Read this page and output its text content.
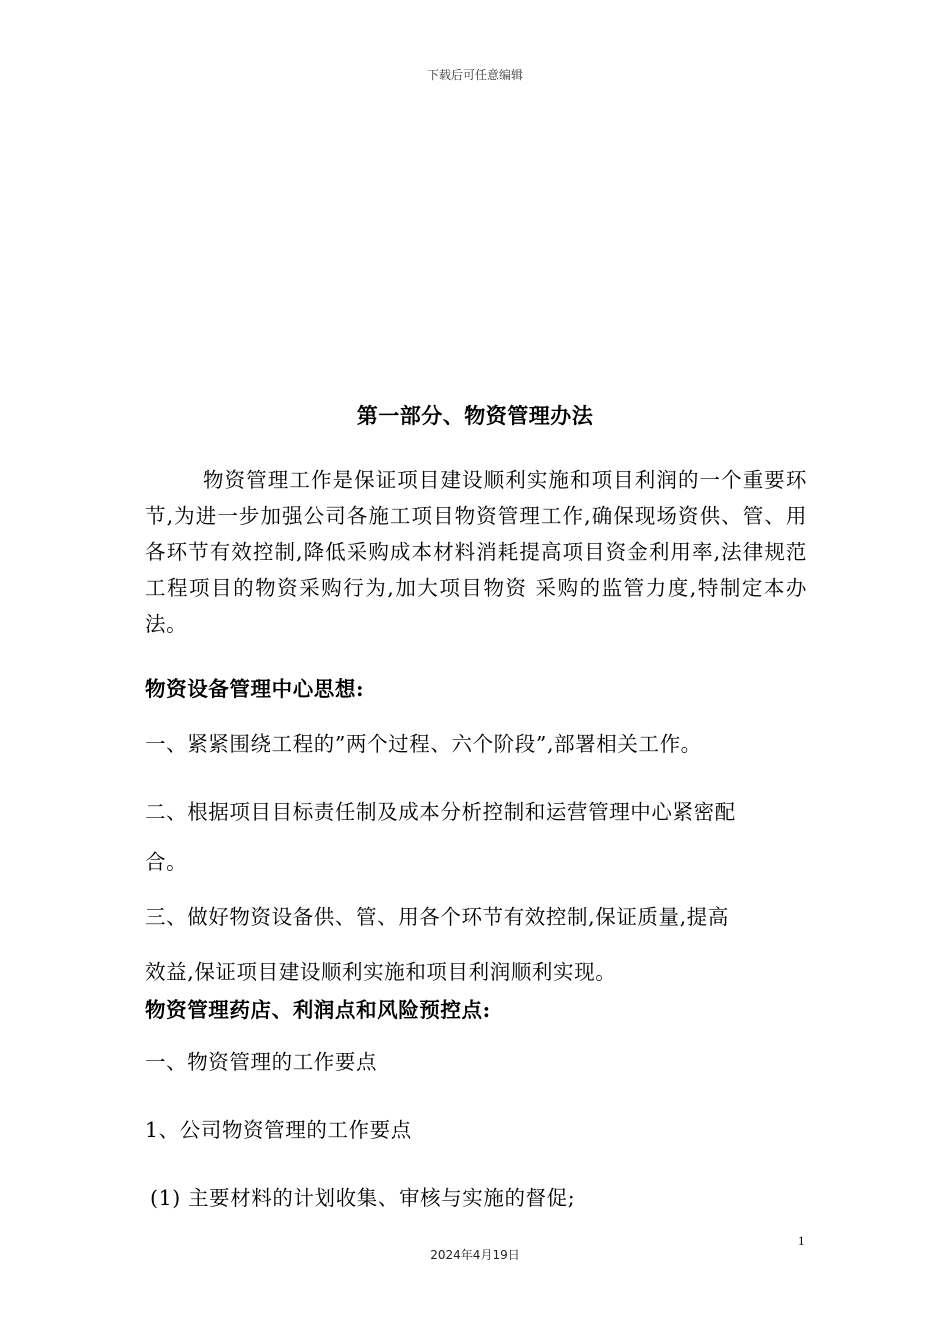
下载后可任意编辑
第一部分、物资管理办法
物资管理工作是保证项目建设顺利实施和项目利润的一个重要环节,为进一步加强公司各施工项目物资管理工作,确保现场资供、管、用各环节有效控制,降低采购成本材料消耗提高项目资金利用率,法律规范工程项目的物资采购行为,加大项目物资 采购的监管力度,特制定本办法。
物资设备管理中心思想:
一、紧紧围绕工程的”两个过程、六个阶段”,部署相关工作。
二、根据项目目标责任制及成本分析控制和运营管理中心紧密配
合。
三、做好物资设备供、管、用各个环节有效控制,保证质量,提高
效益,保证项目建设顺利实施和项目利润顺利实现。
物资管理药店、利润点和风险预控点:
一、物资管理的工作要点
1、公司物资管理的工作要点
(1) 主要材料的计划收集、审核与实施的督促;
1
2024年4月19日
